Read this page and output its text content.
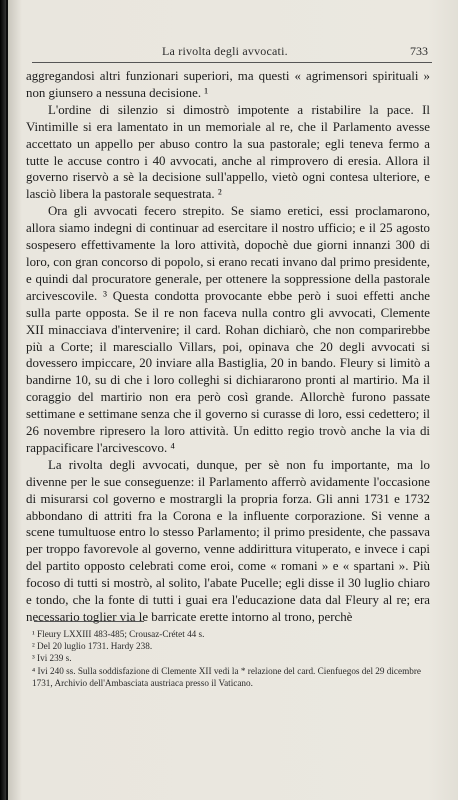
La rivolta degli avvocati.	733

aggregandosi altri funzionari superiori, ma questi « agrimensori spirituali » non giunsero a nessuna decisione. ¹

L'ordine di silenzio si dimostrò impotente a ristabilire la pace. Il Vintimille si era lamentato in un memoriale al re, che il Parlamento avesse accettato un appello per abuso contro la sua pastorale; egli teneva fermo a tutte le accuse contro i 40 avvocati, anche al rimprovero di eresia. Allora il governo riservò a sè la decisione sull'appello, vietò ogni contesa ulteriore, e lasciò libera la pastorale sequestrata. ²

Ora gli avvocati fecero strepito. Se siamo eretici, essi proclamarono, allora siamo indegni di continuar ad esercitare il nostro ufficio; e il 25 agosto sospesero effettivamente la loro attività, dopochè due giorni innanzi 300 di loro, con gran concorso di popolo, si erano recati invano dal primo presidente, e quindi dal procuratore generale, per ottenere la soppressione della pastorale arcivescovile. ³ Questa condotta provocante ebbe però i suoi effetti anche sulla parte opposta. Se il re non faceva nulla contro gli avvocati, Clemente XII minacciava d'intervenire; il card. Rohan dichiarò, che non comparirebbe più a Corte; il maresciallo Villars, poi, opinava che 20 degli avvocati si dovessero impiccare, 20 inviare alla Bastiglia, 20 in bando. Fleury si limitò a bandirne 10, su di che i loro colleghi si dichiararono pronti al martirio. Ma il coraggio del martirio non era però così grande. Allorchè furono passate settimane e settimane senza che il governo si curasse di loro, essi cedettero; il 26 novembre ripresero la loro attività. Un editto regio trovò anche la via di rappacificare l'arcivescovo. ⁴

La rivolta degli avvocati, dunque, per sè non fu importante, ma lo divenne per le sue conseguenze: il Parlamento afferrò avidamente l'occasione di misurarsi col governo e mostrargli la propria forza. Gli anni 1731 e 1732 abbondano di attriti fra la Corona e la influente corporazione. Si venne a scene tumultuose entro lo stesso Parlamento; il primo presidente, che passava per troppo favorevole al governo, venne addirittura vituperato, e invece i capi del partito opposto celebrati come eroi, come « romani » e « spartani ». Più focoso di tutti si mostrò, al solito, l'abate Pucelle; egli disse il 30 luglio chiaro e tondo, che la fonte di tutti i guai era l'educazione data dal Fleury al re; era necessario toglier via le barricate erette intorno al trono, perchè

¹ Fleury LXXIII 483-485; Crousaz-Crétet 44 s.
² Del 20 luglio 1731. Hardy 238.
³ Ivi 239 s.
⁴ Ivi 240 ss. Sulla soddisfazione di Clemente XII vedi la * relazione del card. Cienfuegos del 29 dicembre 1731, Archivio dell'Ambasciata austriaca presso il Vaticano.
